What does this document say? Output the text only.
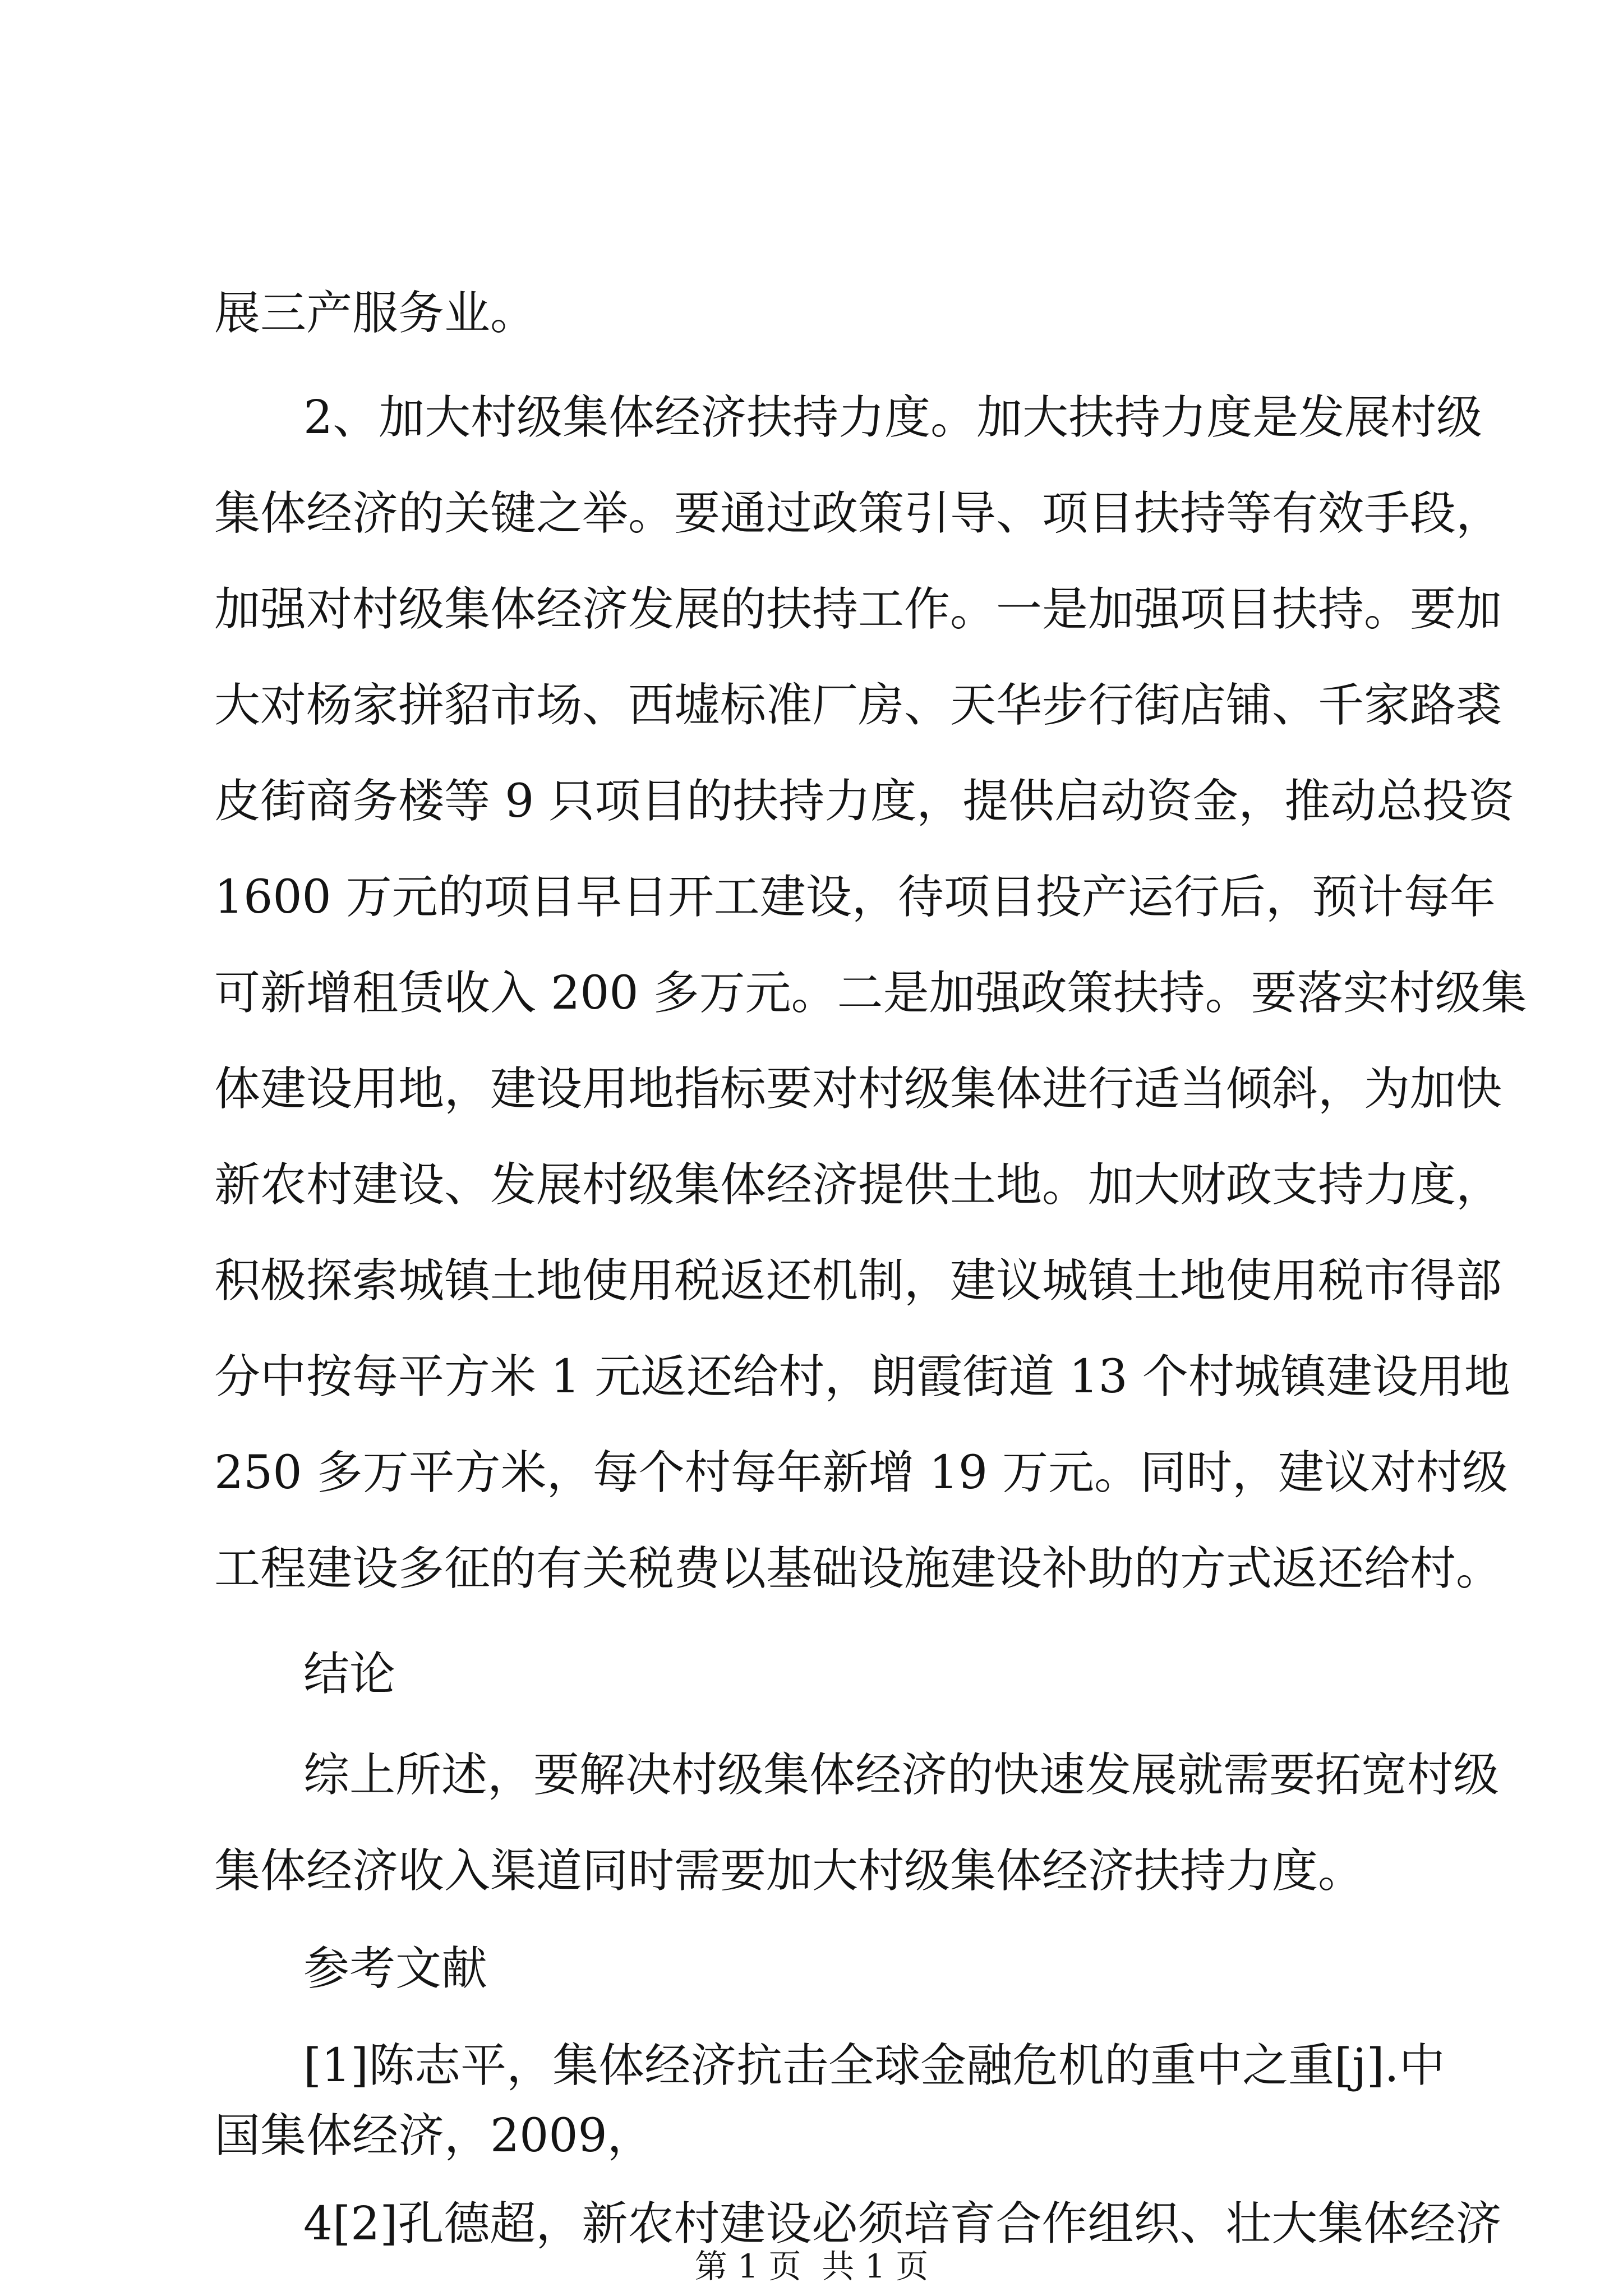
展三产服务业。
2、加大村级集体经济扶持力度。加大扶持力度是发展村级
集体经济的关键之举。要通过政策引导、项目扶持等有效手段，
加强对村级集体经济发展的扶持工作。一是加强项目扶持。要加
大对杨家拼貂市场、西墟标准厂房、天华步行街店铺、千家路裘
皮街商务楼等 9 只项目的扶持力度，提供启动资金，推动总投资
1600 万元的项目早日开工建设，待项目投产运行后，预计每年
可新增租赁收入 200 多万元。二是加强政策扶持。要落实村级集
体建设用地，建设用地指标要对村级集体进行适当倾斜，为加快
新农村建设、发展村级集体经济提供土地。加大财政支持力度，
积极探索城镇土地使用税返还机制，建议城镇土地使用税市得部
分中按每平方米 1 元返还给村，朗霞街道 13 个村城镇建设用地
250 多万平方米，每个村每年新增 19 万元。同时，建议对村级
工程建设多征的有关税费以基础设施建设补助的方式返还给村。
结论
综上所述，要解决村级集体经济的快速发展就需要拓宽村级
集体经济收入渠道同时需要加大村级集体经济扶持力度。
参考文献
[1]陈志平，集体经济抗击全球金融危机的重中之重[j].中
国集体经济，2009，
4[2]孔德超，新农村建设必须培育合作组织、壮大集体经济
第 1 页  共 1 页
